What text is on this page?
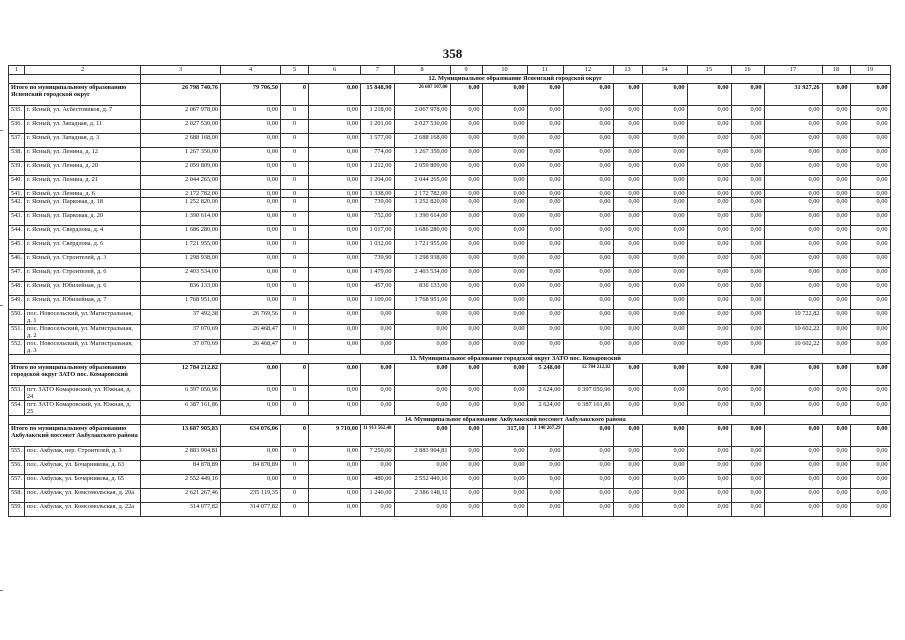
358
1	2	3	4	5	6	7	8	9	10	11	12	13	14	15	16	17	18	19
		12. Муниципальное образование Ясненский городской округ																
Итого по муниципальному образованию Ясненский городской округ		26 798 740,76	79 706,50	0	0,00	15 848,90	26 687 107,00	0,00	0,00	0,00	0,00	0,00	0,00	0,00	0,00	31 927,26	0,00	0,00
535.	г. Ясный, ул. Асбестовиков, д. 7	2 067 978,00	0,00	0	0,00	1 218,00	2 067 978,00	0,00	0,00	0,00	0,00	0,00	0,00	0,00	0,00	0,00	0,00	0,00
536.	г. Ясный, ул. Западная, д. 11	2 027 530,00	0,00	0	0,00	1 201,00	2 027 530,00	0,00	0,00	0,00	0,00	0,00	0,00	0,00	0,00	0,00	0,00	0,00
537.	г. Ясный, ул. Западная, д. 3	2 688 168,00	0,00	0	0,00	1 577,00	2 688 168,00	0,00	0,00	0,00	0,00	0,00	0,00	0,00	0,00	0,00	0,00	0,00
538.	г. Ясный, ул. Ленина, д. 12	1 267 350,00	0,00	0	0,00	774,00	1 267 350,00	0,00	0,00	0,00	0,00	0,00	0,00	0,00	0,00	0,00	0,00	0,00
539.	г. Ясный, ул. Ленина, д. 20	2 059 809,00	0,00	0	0,00	1 212,00	2 059 809,00	0,00	0,00	0,00	0,00	0,00	0,00	0,00	0,00	0,00	0,00	0,00
540.	г. Ясный, ул. Ленина, д. 21	2 044 265,00	0,00	0	0,00	1 204,00	2 044 265,00	0,00	0,00	0,00	0,00	0,00	0,00	0,00	0,00	0,00	0,00	0,00
541.	г. Ясный, ул. Ленина, д. 6	2 172 782,00	0,00	0	0,00	1 338,00	2 172 782,00	0,00	0,00	0,00	0,00	0,00	0,00	0,00	0,00	0,00	0,00	0,00
542.	г. Ясный, ул. Парковая, д. 18	1 252 820,00	0,00	0	0,00	739,00	1 252 820,00	0,00	0,00	0,00	0,00	0,00	0,00	0,00	0,00	0,00	0,00	0,00
543.	г. Ясный, ул. Парковая, д. 20	1 390 614,00	0,00	0	0,00	752,00	1 390 614,00	0,00	0,00	0,00	0,00	0,00	0,00	0,00	0,00	0,00	0,00	0,00
544.	г. Ясный, ул. Свердлова, д. 4	1 686 280,00	0,00	0	0,00	1 017,00	1 686 280,00	0,00	0,00	0,00	0,00	0,00	0,00	0,00	0,00	0,00	0,00	0,00
545.	г. Ясный, ул. Свердлова, д. 6	1 721 955,00	0,00	0	0,00	1 032,00	1 721 955,00	0,00	0,00	0,00	0,00	0,00	0,00	0,00	0,00	0,00	0,00	0,00
546.	г. Ясный, ул. Строителей, д. 3	1 298 938,00	0,00	0	0,00	739,90	1 298 938,00	0,00	0,00	0,00	0,00	0,00	0,00	0,00	0,00	0,00	0,00	0,00
547.	г. Ясный, ул. Строителей, д. 6	2 403 534,00	0,00	0	0,00	1 479,00	2 403 534,00	0,00	0,00	0,00	0,00	0,00	0,00	0,00	0,00	0,00	0,00	0,00
548.	г. Ясный, ул. Юбилейная, д. 6	836 133,00	0,00	0	0,00	457,00	836 133,00	0,00	0,00	0,00	0,00	0,00	0,00	0,00	0,00	0,00	0,00	0,00
549.	г. Ясный, ул. Юбилейная, д. 7	1 768 951,00	0,00	0	0,00	1 109,00	1 768 951,00	0,00	0,00	0,00	0,00	0,00	0,00	0,00	0,00	0,00	0,00	0,00
550.	пос. Новосельский, ул. Магистральная, д. 1	37 492,38	26 769,56	0	0,00	0,00	0,00	0,00	0,00	0,00	0,00	0,00	0,00	0,00	0,00	10 722,82	0,00	0,00
551.	пос. Новосельский, ул. Магистральная, д. 2	37 070,69	26 468,47	0	0,00	0,00	0,00	0,00	0,00	0,00	0,00	0,00	0,00	0,00	0,00	10 602,22	0,00	0,00
552.	пос. Новосельский, ул. Магистральная, д. 3	37 070,69	26 468,47	0	0,00	0,00	0,00	0,00	0,00	0,00	0,00	0,00	0,00	0,00	0,00	10 602,22	0,00	0,00
		13. Муниципальное образование городской округ ЗАТО пос. Комаровский																
Итого по муниципальному образованию городской округ ЗАТО пос. Комаровский		12 784 212,82	0,00	0	0,00	0,00	0,00	0,00	0,00	5 248,00	12 784 212,82	0,00	0,00	0,00	0,00	0,00	0,00	0,00
553.	пгт. ЗАТО Комаровский, ул. Южная, д. 24	6 397 050,96	0,00	0	0,00	0,00	0,00	0,00	0,00	2 624,00	6 397 050,96	0,00	0,00	0,00	0,00	0,00	0,00	0,00
554.	пгт. ЗАТО Комаровский, ул. Южная, д. 25	6 387 161,86	0,00	0	0,00	0,00	0,00	0,00	0,00	2 624,00	6 387 161,86	0,00	0,00	0,00	0,00	0,00	0,00	0,00
		14. Муниципальное образование Акбулакский поссовет Акбулакского района																
Итого по муниципальному образованию Акбулакский поссовет Акбулакского района		13 687 905,83	634 076,06	0	9 710,00	11 913 562,48	0,00	0,00	317,10	1 140 267,29	0,00	0,00	0,00	0,00	0,00	0,00	0,00	0,00
555.	пос. Акбулак, пер. Строителей, д. 3	2 883 904,81	0,00	0	0,00	7 250,00	2 883 904,81	0,00	0,00	0,00	0,00	0,00	0,00	0,00	0,00	0,00	0,00	0,00
556.	пос. Акбулак, ул. Бочарникова, д. 63	84 878,89	84 878,89	0	0,00	0,00	0,00	0,00	0,00	0,00	0,00	0,00	0,00	0,00	0,00	0,00	0,00	0,00
557.	пос. Акбулак, ул. Бочарникова, д. 65	2 552 449,16	0,00	0	0,00	480,00	2 552 449,16	0,00	0,00	0,00	0,00	0,00	0,00	0,00	0,00	0,00	0,00	0,00
558.	пос. Акбулак, ул. Комсомольская, д. 20а	2 621 267,46	235 119,35	0	0,00	1 240,00	2 386 148,11	0,00	0,00	0,00	0,00	0,00	0,00	0,00	0,00	0,00	0,00	0,00
559.	пос. Акбулак, ул. Комсомольская, д. 22а	314 077,82	314 077,82	0	0,00	0,00	0,00	0,00	0,00	0,00	0,00	0,00	0,00	0,00	0,00	0,00	0,00	0,00
